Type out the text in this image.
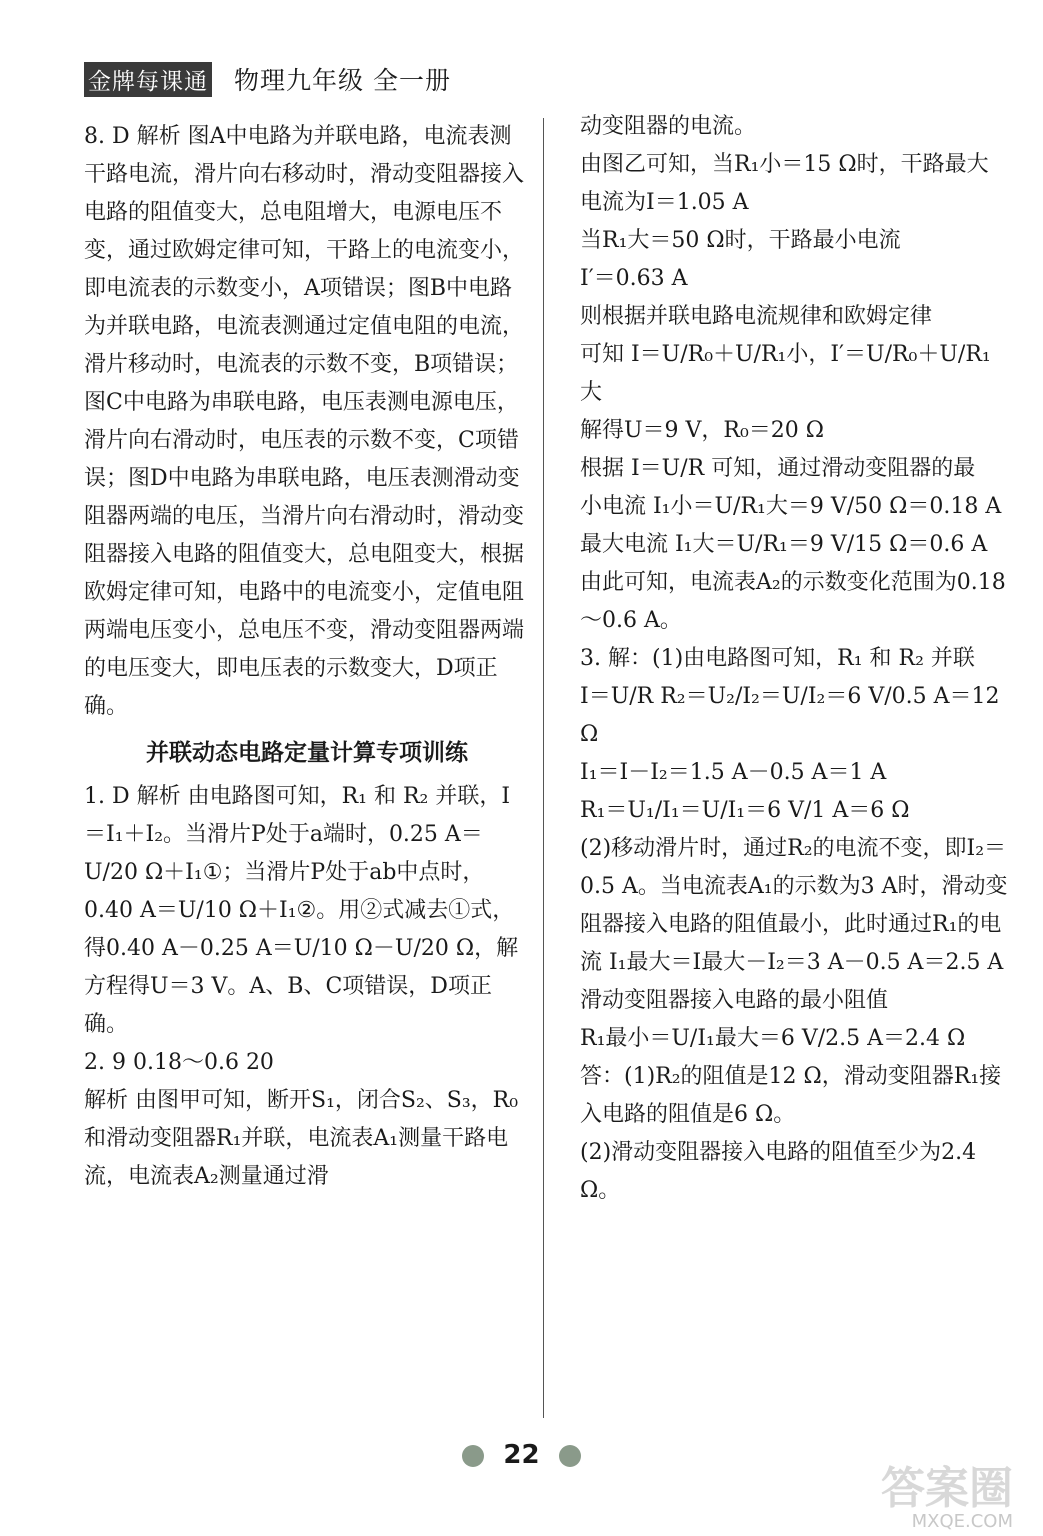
金牌每课通 物理九年级 全一册

8. D 解析 图A中电路为并联电路，电流表测干路电流，滑片向右移动时，滑动变阻器接入电路的阻值变大，总电阻增大，电源电压不变，通过欧姆定律可知，干路上的电流变小，即电流表的示数变小，A项错误；图B中电路为并联电路，电流表测通过定值电阻的电流，滑片移动时，电流表的示数不变，B项错误；图C中电路为串联电路，电压表测电源电压，滑片向右滑动时，电压表的示数不变，C项错误；图D中电路为串联电路，电压表测滑动变阻器两端的电压，当滑片向右滑动时，滑动变阻器接入电路的阻值变大，总电阻变大，根据欧姆定律可知，电路中的电流变小，定值电阻两端电压变小，总电压不变，滑动变阻器两端的电压变大，即电压表的示数变大，D项正确。

并联动态电路定量计算专项训练

1. D 解析 由电路图可知，R₁ 和 R₂ 并联，I＝I₁＋I₂。当滑片P处于a端时，0.25 A＝U/20 Ω＋I₁①；当滑片P处于ab中点时，0.40 A＝U/10 Ω＋I₁②。用②式减去①式，得0.40 A－0.25 A＝U/10 Ω－U/20 Ω，解方程得U＝3 V。A、B、C项错误，D项正确。

2. 9 0.18～0.6 20

解析 由图甲可知，断开S₁，闭合S₂、S₃，R₀和滑动变阻器R₁并联，电流表A₁测量干路电流，电流表A₂测量通过滑

动变阻器的电流。

由图乙可知，当R₁小＝15 Ω时，干路最大电流为I＝1.05 A

当R₁大＝50 Ω时，干路最小电流

I′＝0.63 A

则根据并联电路电流规律和欧姆定律

可知 I＝U/R₀＋U/R₁小，I′＝U/R₀＋U/R₁大

解得U＝9 V，R₀＝20 Ω

根据 I＝U/R 可知，通过滑动变阻器的最

小电流 I₁小＝U/R₁大＝9 V/50 Ω＝0.18 A

最大电流 I₁大＝U/R₁＝9 V/15 Ω＝0.6 A

由此可知，电流表A₂的示数变化范围为0.18～0.6 A。

3. 解：(1)由电路图可知，R₁ 和 R₂ 并联

I＝U/R R₂＝U₂/I₂＝U/I₂＝6 V/0.5 A＝12 Ω

I₁＝I－I₂＝1.5 A－0.5 A＝1 A

R₁＝U₁/I₁＝U/I₁＝6 V/1 A＝6 Ω

(2)移动滑片时，通过R₂的电流不变，即I₂＝0.5 A。当电流表A₁的示数为3 A时，滑动变阻器接入电路的阻值最小，此时通过R₁的电流 I₁最大＝I最大－I₂＝3 A－0.5 A＝2.5 A

滑动变阻器接入电路的最小阻值

R₁最小＝U/I₁最大＝6 V/2.5 A＝2.4 Ω

答：(1)R₂的阻值是12 Ω，滑动变阻器R₁接入电路的阻值是6 Ω。

(2)滑动变阻器接入电路的阻值至少为2.4 Ω。

22
答案圈
MXQE.COM
